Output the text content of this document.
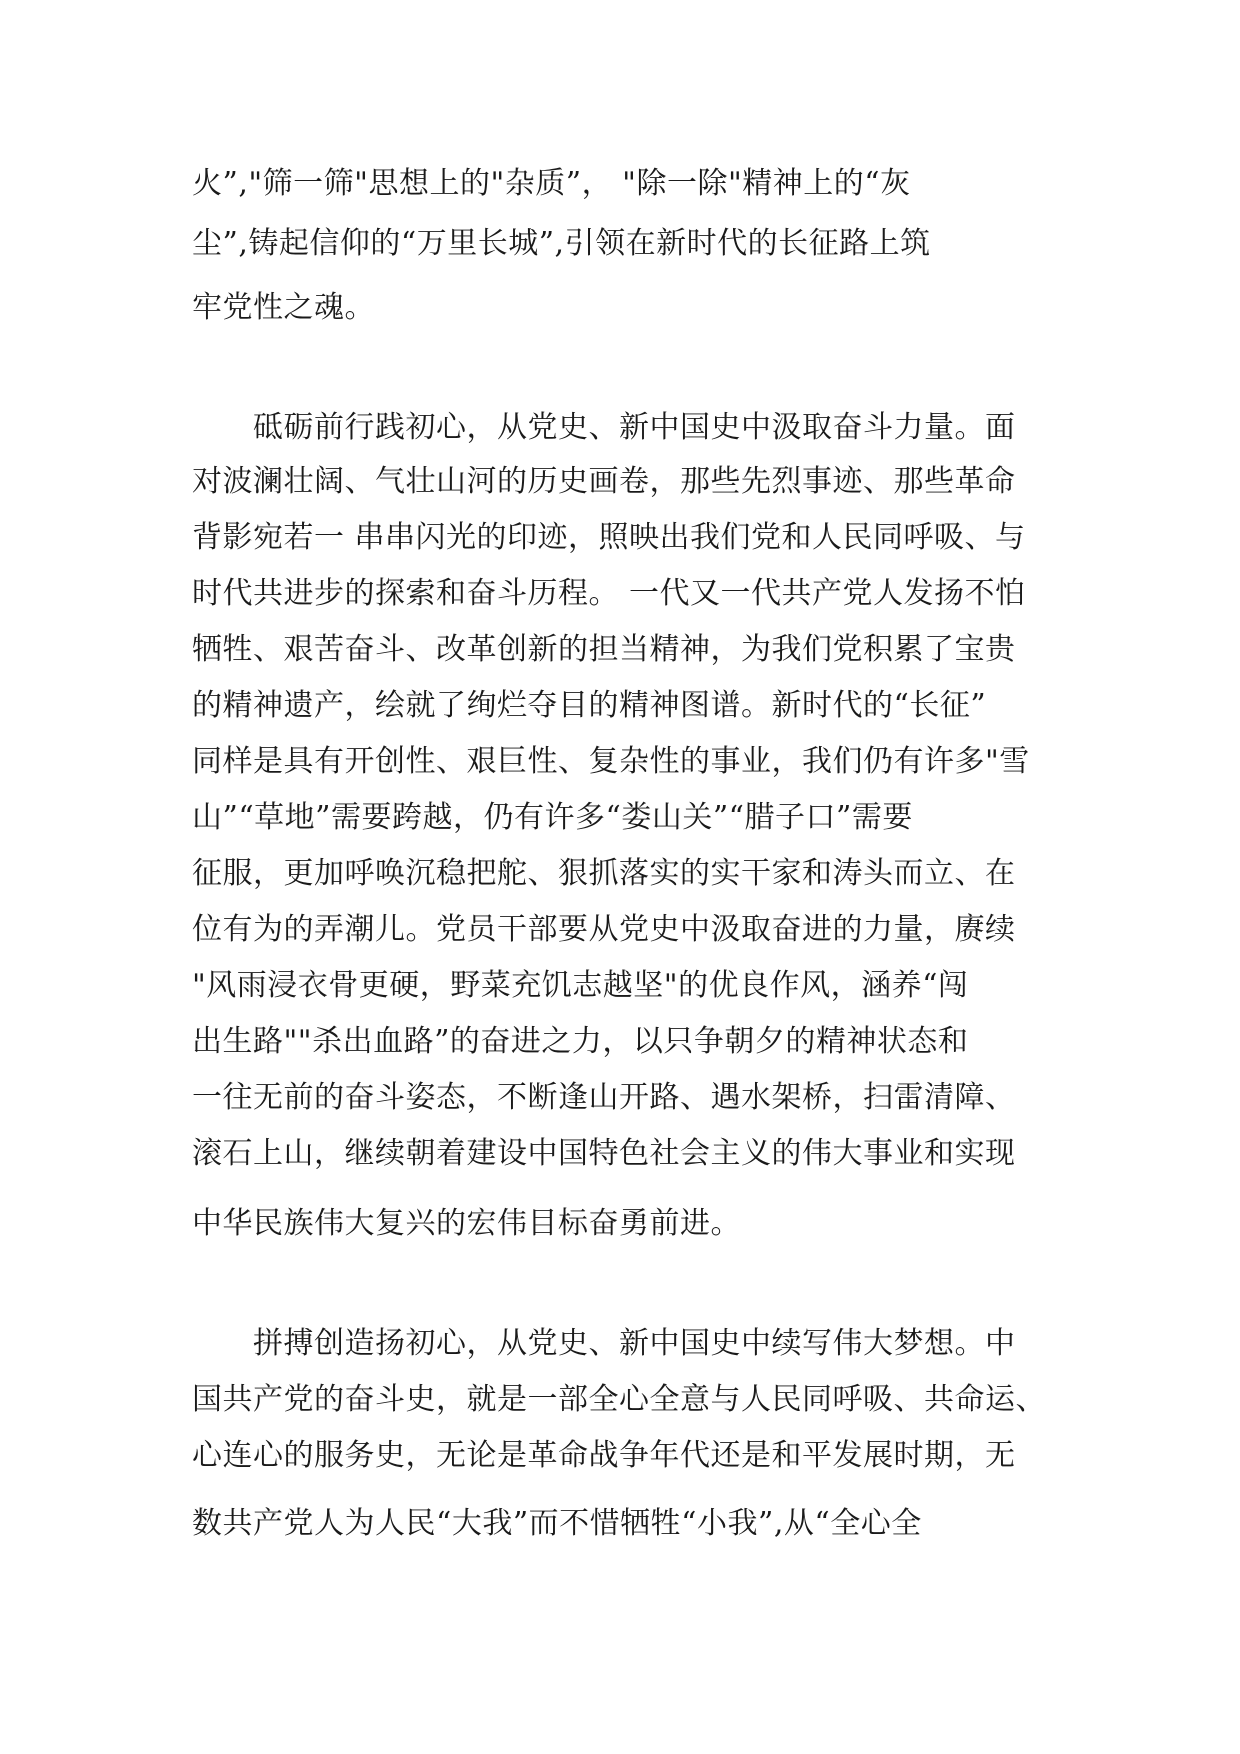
火”,"筛一筛"思想上的"杂质”， "除一除"精神上的“灰
尘”,铸起信仰的“万里长城”,引领在新时代的长征路上筑
牢党性之魂。
　　砥砺前行践初心，从党史、新中国史中汲取奋斗力量。面
对波澜壮阔、气壮山河的历史画卷，那些先烈事迹、那些革命
背影宛若一 串串闪光的印迹，照映出我们党和人民同呼吸、与
时代共进步的探索和奋斗历程。 一代又一代共产党人发扬不怕
牺牲、艰苦奋斗、改革创新的担当精神，为我们党积累了宝贵
的精神遗产，绘就了绚烂夺目的精神图谱。新时代的“长征”
同样是具有开创性、艰巨性、复杂性的事业，我们仍有许多"雪
山”“草地”需要跨越，仍有许多“娄山关”“腊子口”需要
征服，更加呼唤沉稳把舵、狠抓落实的实干家和涛头而立、在
位有为的弄潮儿。党员干部要从党史中汲取奋进的力量，赓续
"风雨浸衣骨更硬，野菜充饥志越坚"的优良作风，涵养“闯
出生路""杀出血路”的奋进之力，以只争朝夕的精神状态和
一往无前的奋斗姿态，不断逢山开路、遇水架桥，扫雷清障、
滚石上山，继续朝着建设中国特色社会主义的伟大事业和实现
中华民族伟大复兴的宏伟目标奋勇前进。
　　拼搏创造扬初心，从党史、新中国史中续写伟大梦想。中
国共产党的奋斗史，就是一部全心全意与人民同呼吸、共命运、
心连心的服务史，无论是革命战争年代还是和平发展时期，无
数共产党人为人民“大我”而不惜牺牲“小我”,从“全心全
